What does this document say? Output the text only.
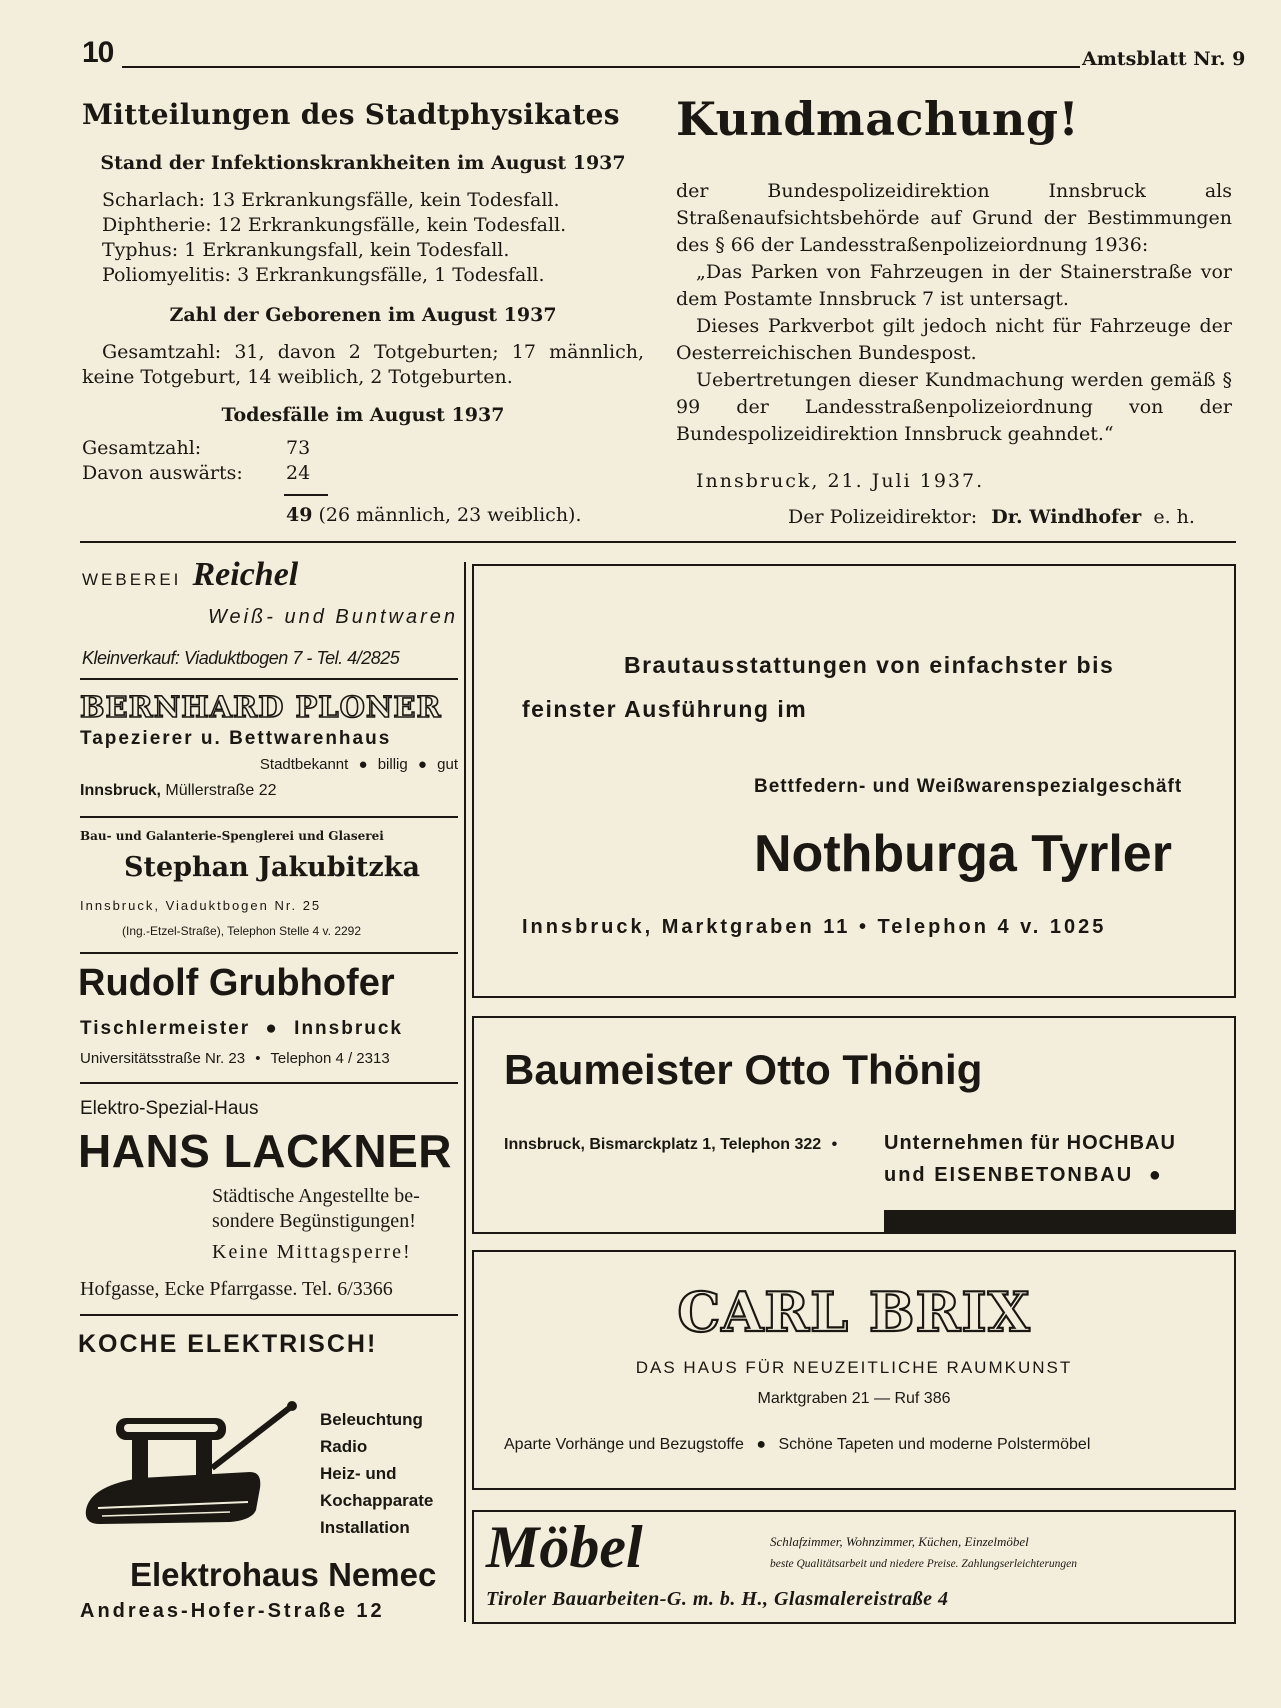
10	Amtsblatt Nr. 9
Mitteilungen des Stadtphysikates
Stand der Infektionskrankheiten im August 1937

Scharlach: 13 Erkrankungsfälle, kein Todesfall.

Diphtherie: 12 Erkrankungsfälle, kein Todesfall.

Typhus: 1 Erkrankungsfall, kein Todesfall.

Poliomyelitis: 3 Erkrankungsfälle, 1 Todesfall.

Zahl der Geborenen im August 1937
Gesamtzahl: 31, davon 2 Totgeburten; 17 männlich, keine Totgeburt, 14 weiblich, 2 Totgeburten.
Todesfälle im August 1937
Gesamtzahl:	73
Davon auswärts: 24
49 (26 männlich, 23 weiblich).
Kundmachung!

der Bundespolizeidirektion Innsbruck als Straßenaufsichtsbehörde auf Grund der Bestimmungen des § 66 der Landesstraßenpolizeiordnung 1936:

„Das Parken von Fahrzeugen in der Stainerstraße vor dem Postamte Innsbruck 7 ist untersagt.

Dieses Parkverbot gilt jedoch nicht für Fahrzeuge der Oesterreichischen Bundespost.

Uebertretungen dieser Kundmachung werden gemäß § 99 der Landesstraßenpolizeiordnung von der Bundespolizeidirektion Innsbruck geahndet.“

Innsbruck, 21. Juli 1937.
Der Polizeidirektor: Dr. Windhofer e. h.
WEBEREI Reichel
Weiß- und Buntwaren
Kleinverkauf: Viaduktbogen 7 - Tel. 4/2825
BERNHARD PLONER
Tapezierer u. Bettwarenhaus
Stadtbekannt ● billig ● gut
Innsbruck, Müllerstraße 22
Bau- und Galanterie-Spenglerei und Glaserei
Stephan Jakubitzka
Innsbruck, Viaduktbogen Nr. 25
(Ing.-Etzel-Straße), Telephon Stelle 4 v. 2292
Rudolf Grubhofer
Tischlermeister ● Innsbruck
Universitätsstraße Nr. 23 • Telephon 4 / 2313
Elektro-Spezial-Haus
HANS LACKNER

Städtische Angestellte be-

sondere Begünstigungen!

Keine Mittagsperre!

Hofgasse, Ecke Pfarrgasse. Tel. 6/3366
KOCHE ELEKTRISCH!

Beleuchtung

Radio

Heiz- und

Kochapparate

Installation

Elektrohaus Nemec
Andreas-Hofer-Straße 12
Brautausstattungen von einfachster bis
feinster Ausführung im
Bettfedern- und Weißwarenspezialgeschäft
Nothburga Tyrler
Innsbruck, Marktgraben 11 • Telephon 4 v. 1025
Baumeister Otto Thönig
Innsbruck, Bismarckplatz 1, Telephon 322 •	Unternehmen für HOCHBAU
und EISENBETONBAU ●
CARL BRIX
DAS HAUS FÜR NEUZEITLICHE RAUMKUNST
Marktgraben 21 — Ruf 386
Aparte Vorhänge und Bezugstoffe ● Schöne Tapeten und moderne Polstermöbel
Möbel	Schlafzimmer, Wohnzimmer, Küchen, Einzelmöbel
beste Qualitätsarbeit und niedere Preise. Zahlungserleichterungen
Tiroler Bauarbeiten-G. m. b. H., Glasmalereistraße 4
